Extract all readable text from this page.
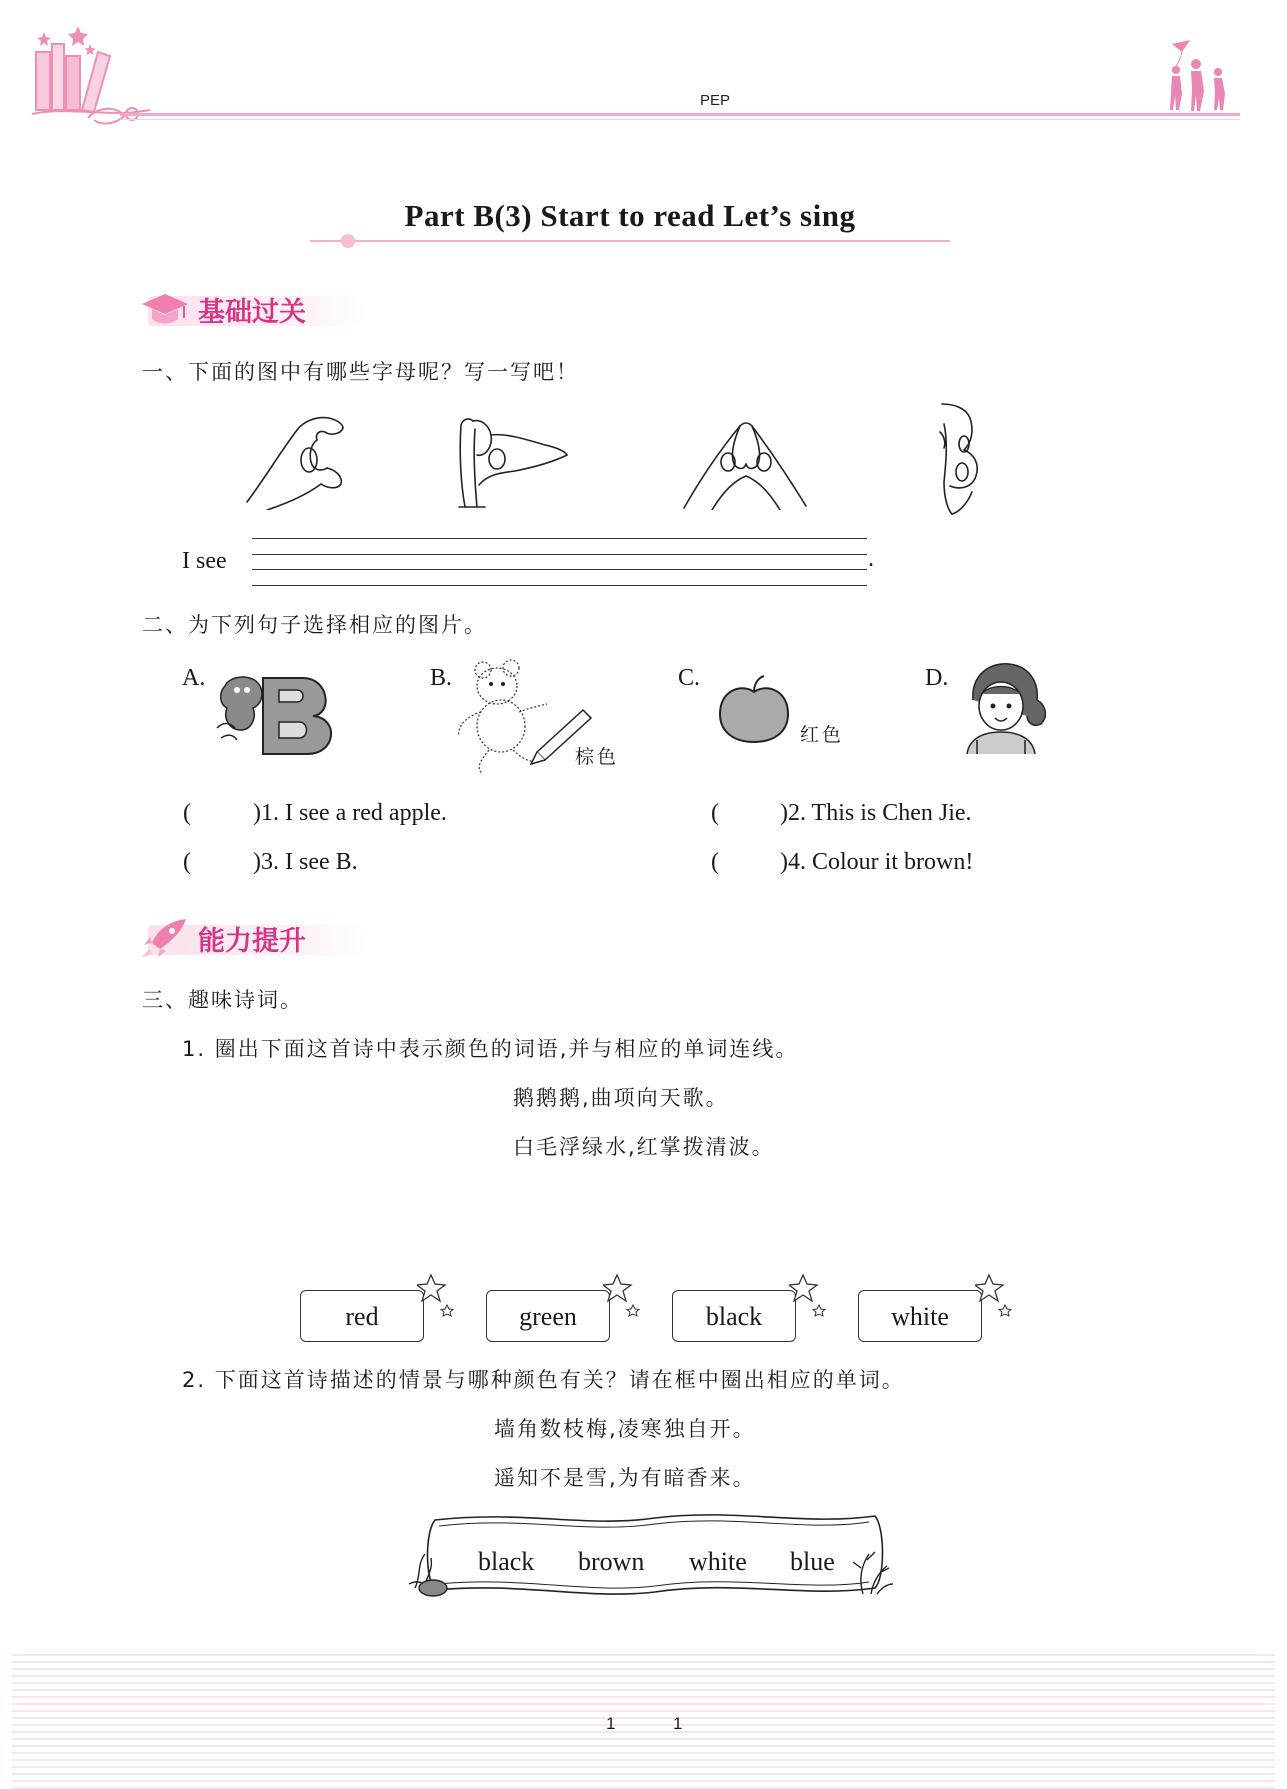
PEP
Part B(3) Start to read Let’s sing
基础过关
一、下面的图中有哪些字母呢？写一写吧！
I see	.
二、为下列句子选择相应的图片。
A.	B.
棕色
C.
红色
D.
(	)1. I see a red apple.	(	)2. This is Chen Jie.
(	)3. I see B.	(	)4. Colour it brown!
能力提升
三、趣味诗词。
1. 圈出下面这首诗中表示颜色的词语,并与相应的单词连线。
鹅鹅鹅,曲项向天歌。
白毛浮绿水,红掌拨清波。
red	green	black	white
2. 下面这首诗描述的情景与哪种颜色有关？请在框中圈出相应的单词。
墙角数枝梅,凌寒独自开。
遥知不是雪,为有暗香来。
black brown white blue
1	1
